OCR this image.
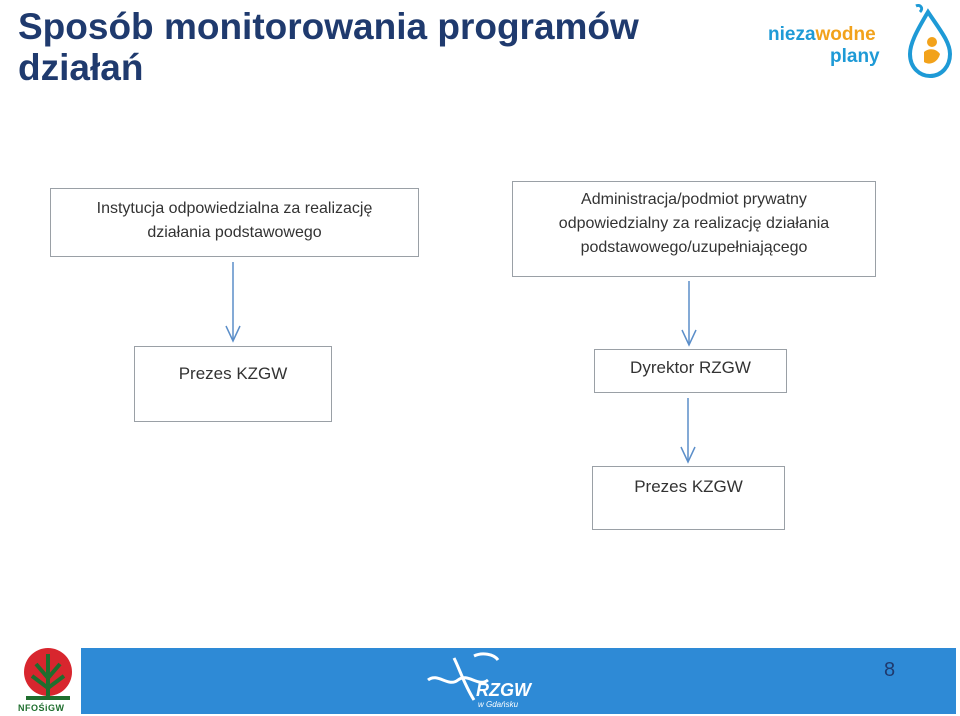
Sposób monitorowania programów
działań
niezawodne
plany
Instytucja odpowiedzialna za realizację
działania podstawowego
Prezes KZGW
Administracja/podmiot prywatny
odpowiedzialny za realizację działania
podstawowego/uzupełniającego
Dyrektor RZGW
Prezes KZGW
NFOŚiGW
RZGW
w Gdańsku
8
